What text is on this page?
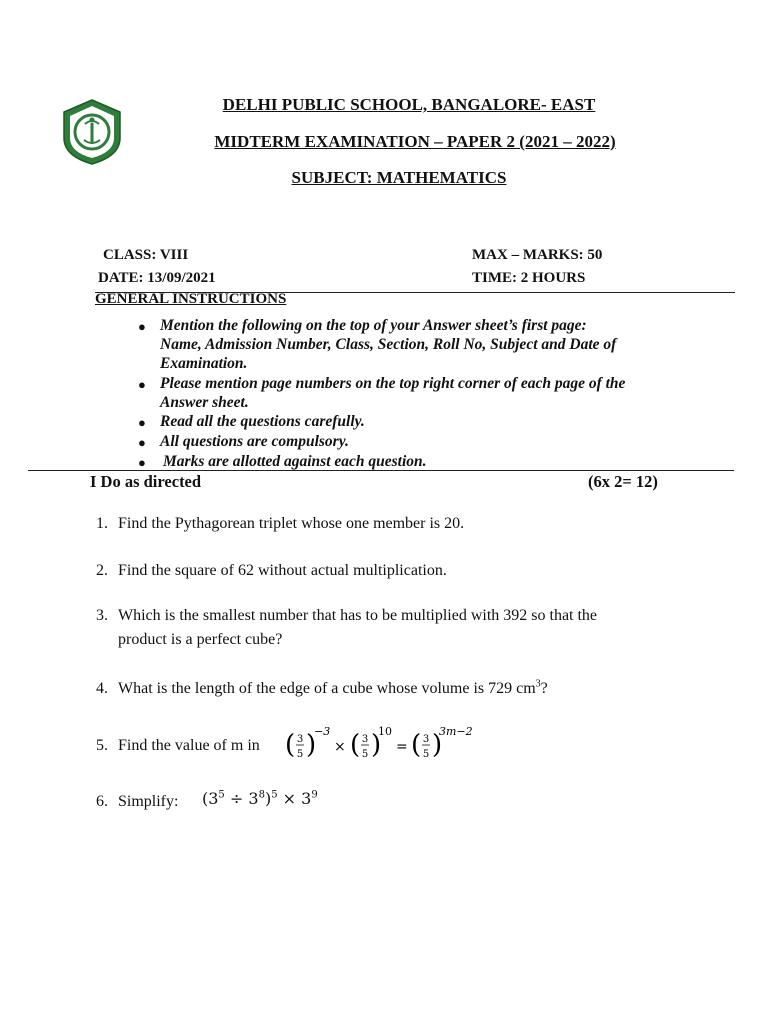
DELHI PUBLIC SCHOOL, BANGALORE- EAST
MIDTERM EXAMINATION – PAPER 2 (2021 – 2022)
SUBJECT: MATHEMATICS
CLASS: VIII	MAX – MARKS: 50
DATE: 13/09/2021	TIME: 2 HOURS
GENERAL INSTRUCTIONS
● Mention the following on the top of your Answer sheet’s first page:
Name, Admission Number, Class, Section, Roll No, Subject and Date of
Examination.
● Please mention page numbers on the top right corner of each page of the
Answer sheet.
● Read all the questions carefully.
● All questions are compulsory.
● Marks are allotted against each question.
I Do as directed	(6x 2= 12)
1. Find the Pythagorean triplet whose one member is 20.
2. Find the square of 62 without actual multiplication.
3. Which is the smallest number that has to be multiplied with 392 so that the
product is a perfect cube?
4. What is the length of the edge of a cube whose volume is 729 $cm^3$?
5. Find the value of m in ( 3
5 )
−3
× ( 3
5 )
10
= ( 3
5 )
3m−2
6. Simplify: $(3^5 \div 3^8)^5 \times 3^9$
